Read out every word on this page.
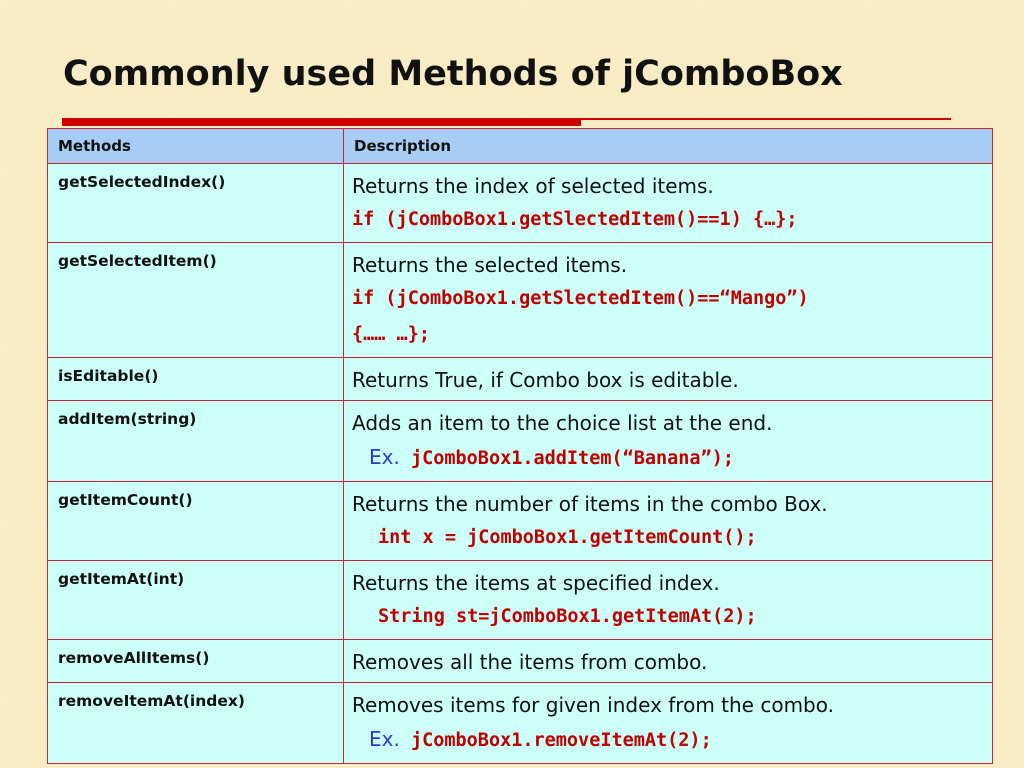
Commonly used Methods of jComboBox
Methods	Description
getSelectedIndex()	Returns the index of selected items.
if (jComboBox1.getSlectedItem()==1) {…};

getSelectedItem()	Returns the selected items.
if (jComboBox1.getSlectedItem()==“Mango”)
{…… …};

isEditable()	Returns True, if Combo box is editable.

addItem(string)	Adds an item to the choice list at the end.
Ex. jComboBox1.addItem(“Banana”);

getItemCount()	Returns the number of items in the combo Box.
int x = jComboBox1.getItemCount();

getItemAt(int)	Returns the items at specified index.
String st=jComboBox1.getItemAt(2);

removeAllItems()	Removes all the items from combo.

removeItemAt(index)	Removes items for given index from the combo.
Ex. jComboBox1.removeItemAt(2);
